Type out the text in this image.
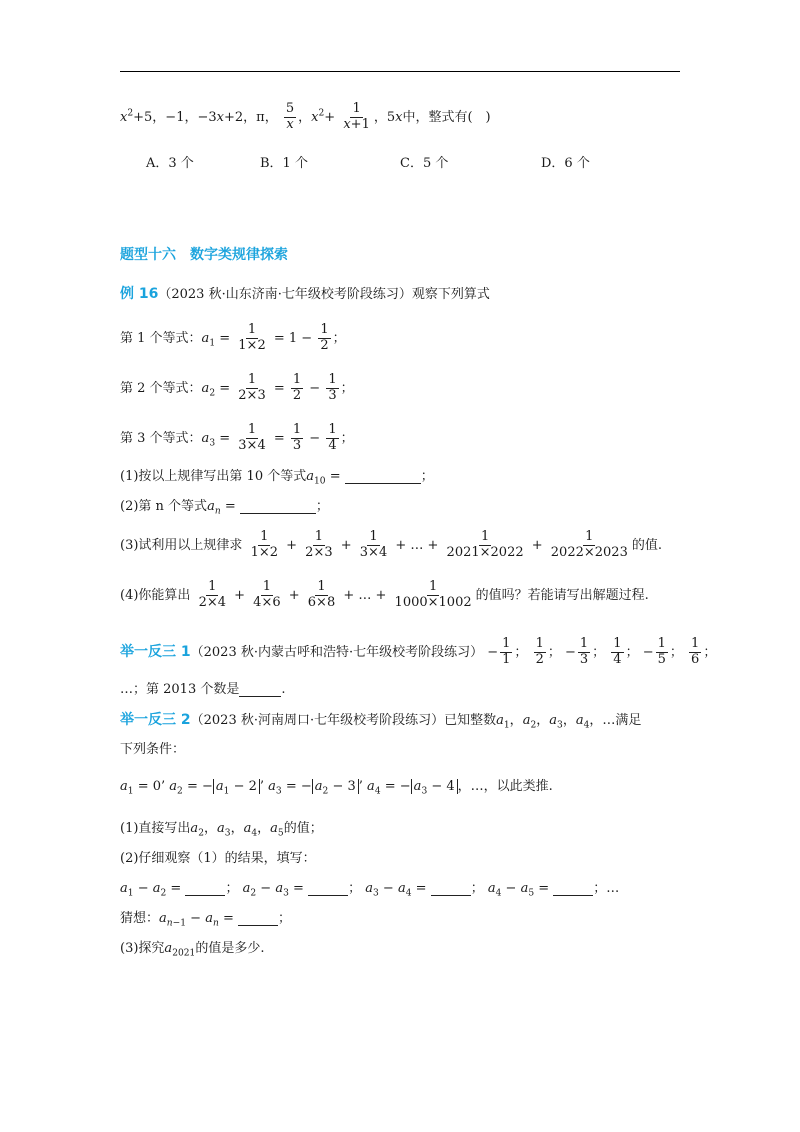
$x^2+5$，−1，−3x+2，π， $\frac{5}{x}$ ，$x^2+ \frac{1}{x+1}$ ，5x中，整式有(　)
A．3 个	B．1 个	C．5 个	D．6 个
题型十六　数字类规律探索
例 16（2023 秋·山东济南·七年级校考阶段练习）观察下列算式
第 1 个等式：$a_1 = \frac{1}{1\times 2} = 1 - \frac{1}{2}$ ；
第 2 个等式：$a_2 = \frac{1}{2\times 3} = \frac{1}{2} - \frac{1}{3}$ ；
第 3 个等式：$a_3 = \frac{1}{3\times 4} = \frac{1}{3} - \frac{1}{4}$ ；
(1)按以上规律写出第 10 个等式$a_{10}$ =	；
(2)第 n 个等式$a_n$ =	；
(3)试利用以上规律求 $\frac{1}{1\times 2} + \frac{1}{2\times 3} + \frac{1}{3\times 4}$ + … + $\frac{1}{2021\times 2022} + \frac{1}{2022\times 2023}$ 的值.
(4)你能算出 $\frac{1}{2\times 4} + \frac{1}{4\times 6} + \frac{1}{6\times 8}$ + … + $\frac{1}{1000\times 1002}$ 的值吗？若能请写出解题过程.
举一反三 1（2023 秋·内蒙古呼和浩特·七年级校考阶段练习） − $\frac{1}{1}$ ； $\frac{1}{2}$ ； − $\frac{1}{3}$ ； $\frac{1}{4}$ ； − $\frac{1}{5}$ ； $\frac{1}{6}$ ；
…；第 2013 个数是	.
举一反三 2（2023 秋·河南周口·七年级校考阶段练习）已知整数$a_1$，$a_2$，$a_3$，$a_4$，…满足
下列条件：
$a_1 = 0$’ $a_2$ = − $a_1 - 2$ ’ $a_3$ = − $a_2 - 3$ ’ $a_4$ = − $a_3 - 4$ ，…，以此类推.
(1)直接写出$a_2$，$a_3$，$a_4$，$a_5$的值；
(2)仔细观察（1）的结果，填写：
$a_1 - a_2$ =	； $a_2 - a_3$ =	； $a_3 - a_4$ =	； $a_4 - a_5$ =	；…
猜想：$a_{n-1} - a_n$ =	；
(3)探究$a_{2021}$的值是多少.
